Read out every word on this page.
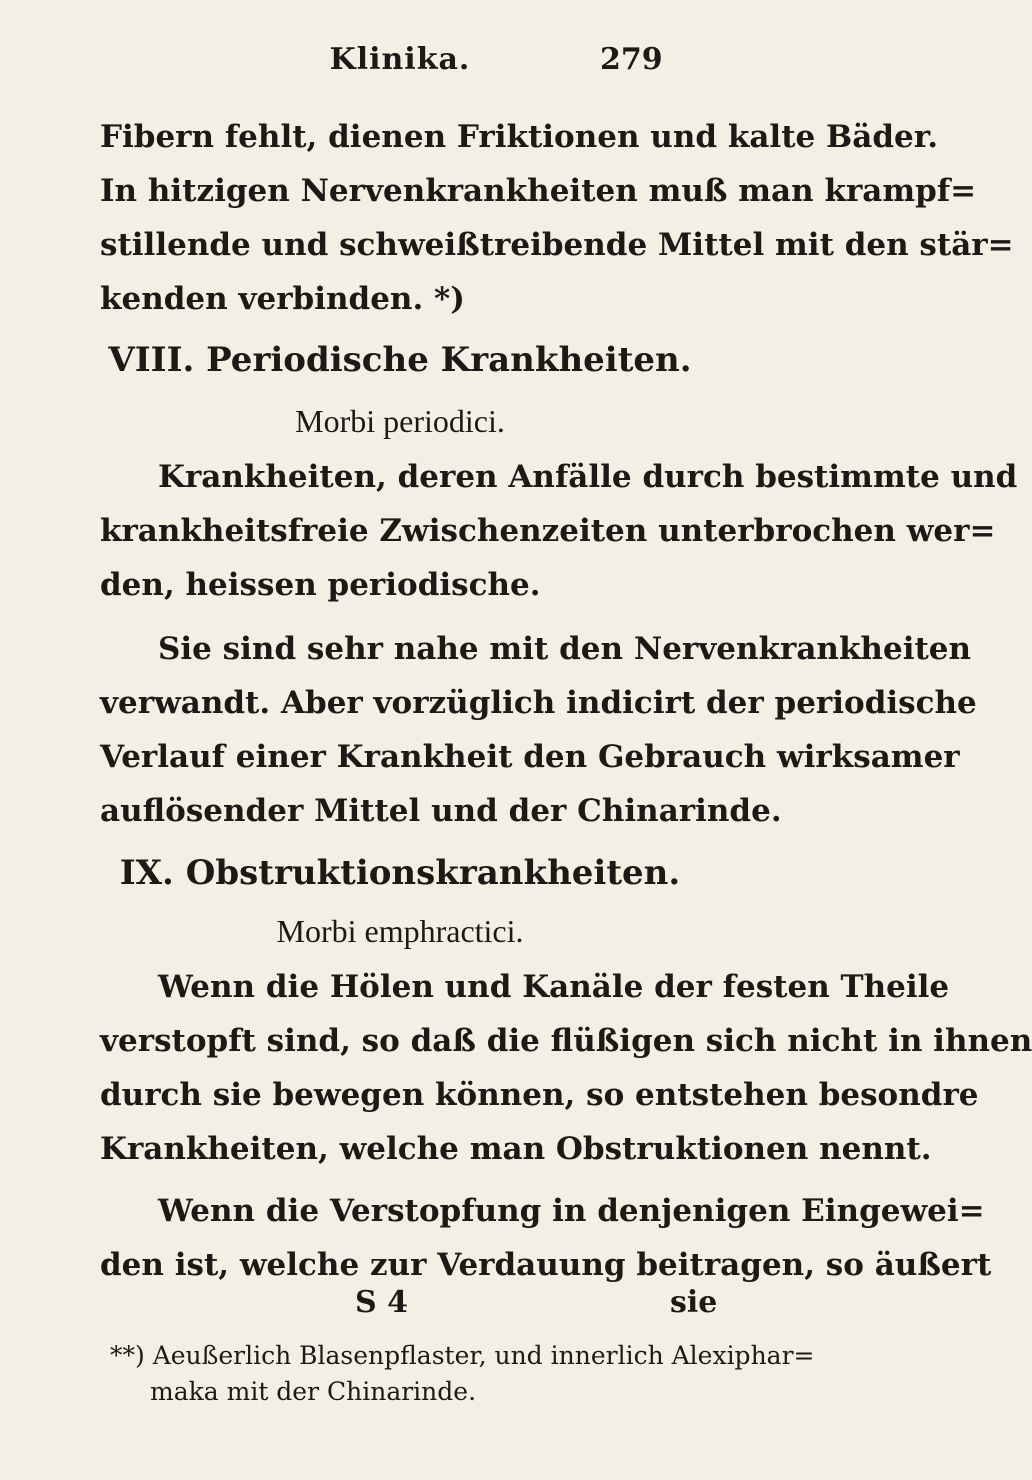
Klinika.	279
Fibern fehlt, dienen Friktionen und kalte Bäder.
In hitzigen Nervenkrankheiten muß man krampf=
stillende und schweißtreibende Mittel mit den stär=
kenden verbinden. *)
VIII. Periodische Krankheiten.
Morbi periodici.
Krankheiten, deren Anfälle durch bestimmte und
krankheitsfreie Zwischenzeiten unterbrochen wer=
den, heissen periodische.
Sie sind sehr nahe mit den Nervenkrankheiten
verwandt. Aber vorzüglich indicirt der periodische
Verlauf einer Krankheit den Gebrauch wirksamer
auflösender Mittel und der Chinarinde.
IX. Obstruktionskrankheiten.
Morbi emphractici.
Wenn die Hölen und Kanäle der festen Theile
verstopft sind, so daß die flüßigen sich nicht in ihnen
durch sie bewegen können, so entstehen besondre
Krankheiten, welche man Obstruktionen nennt.
Wenn die Verstopfung in denjenigen Eingewei=
den ist, welche zur Verdauung beitragen, so äußert
S 4	sie
**) Aeußerlich Blasenpflaster, und innerlich Alexiphar=
maka mit der Chinarinde.
